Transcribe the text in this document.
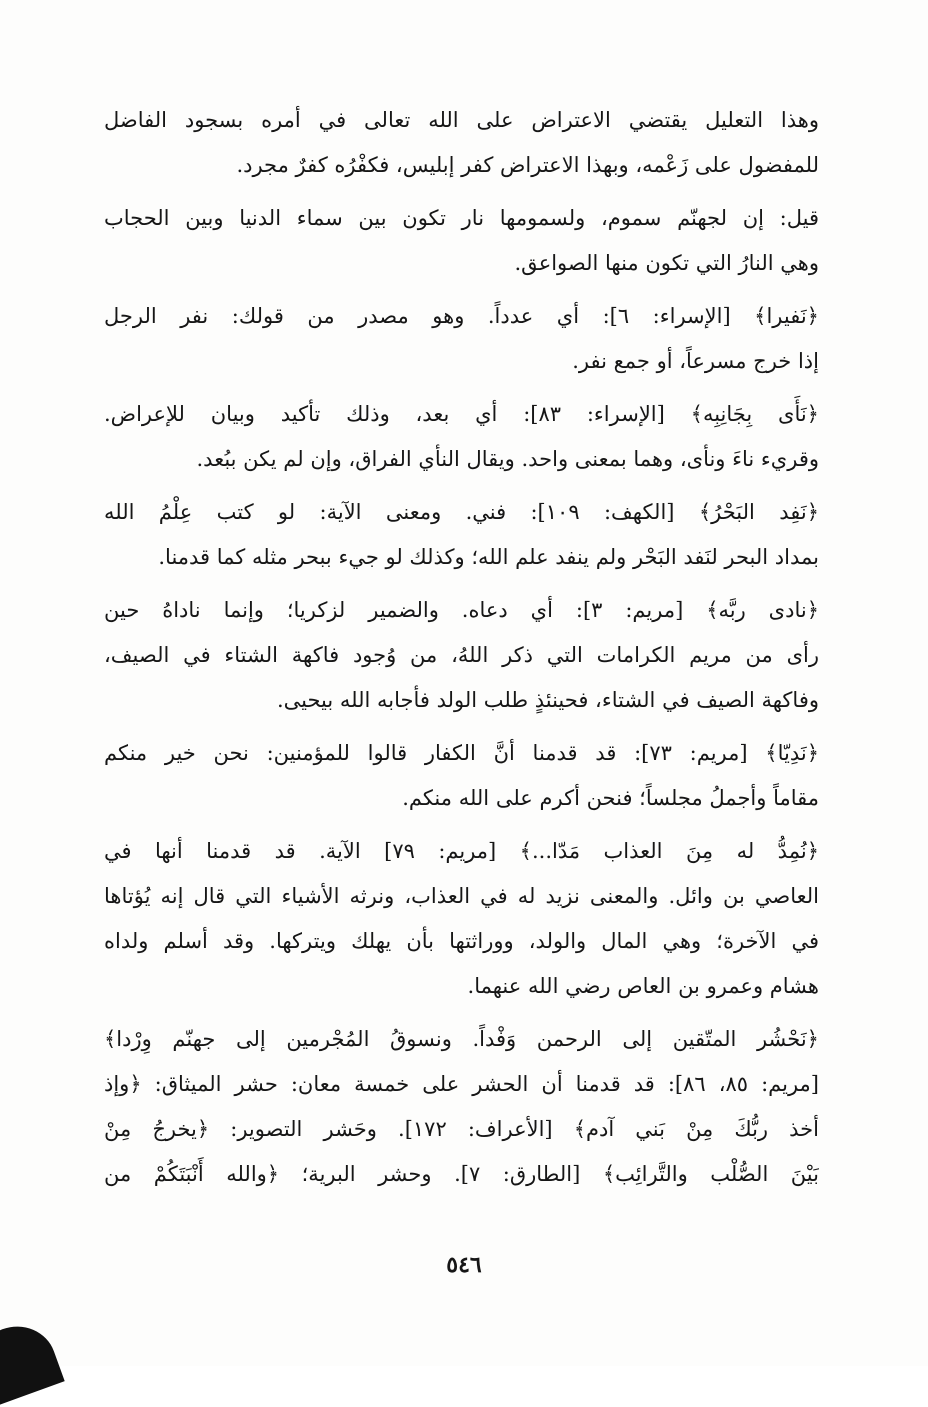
وهذا التعليل يقتضي الاعتراض على الله تعالى في أمره بسجود الفاضل
للمفضول على زَعْمه، وبهذا الاعتراض كفر إبليس، فكفْرُه كفرٌ مجرد.
قيل: إن لجهنّم سموم، ولسمومها نار تكون بين سماء الدنيا وبين الحجاب
وهي النارُ التي تكون منها الصواعق.
﴿نَفيرا﴾ [الإسراء: ٦]: أي عدداً. وهو مصدر من قولك: نفر الرجل
إذا خرج مسرعاً، أو جمع نفر.
﴿نَأَى بِجَانِبِه﴾ [الإسراء: ٨٣]: أي بعد، وذلك تأكيد وبيان للإعراض.
وقريء ناءَ ونأى، وهما بمعنى واحد. ويقال النأي الفراق، وإن لم يكن ببُعد.
﴿نَفِد البَحْرُ﴾ [الكهف: ١٠٩]: فني. ومعنى الآية: لو كتب عِلْمُ الله
بمداد البحر لنَفد البَحْر ولم ينفد علم الله؛ وكذلك لو جيء ببحر مثله كما قدمنا.
﴿نادى ربَّه﴾ [مريم: ٣]: أي دعاه. والضمير لزكريا؛ وإنما ناداهُ حين
رأى من مريم الكرامات التي ذكر اللهُ، من وُجود فاكهة الشتاء في الصيف،
وفاكهة الصيف في الشتاء، فحينئذٍ طلب الولد فأجابه الله بيحيى.
﴿نَدِيّا﴾ [مريم: ٧٣]: قد قدمنا أنَّ الكفار قالوا للمؤمنين: نحن خير منكم
مقاماً وأجملُ مجلساً؛ فنحن أكرم على الله منكم.
﴿نُمِدُّ له مِنَ العذاب مَدّا...﴾ [مريم: ٧٩] الآية. قد قدمنا أنها في
العاصي بن وائل. والمعنى نزيد له في العذاب، ونرثه الأشياء التي قال إنه يُؤتاها
في الآخرة؛ وهي المال والولد، ووراثتها بأن يهلك ويتركها. وقد أسلم ولداه
هشام وعمرو بن العاص رضي الله عنهما.
﴿نَحْشُر المتّقين إلى الرحمن وَفْداً. ونسوقُ المُجْرمين إلى جهنّم وِرْدا﴾
[مريم: ٨٥، ٨٦]: قد قدمنا أن الحشر على خمسة معان: حشر الميثاق: ﴿وإذ
أخذ ربُّكَ مِنْ بَني آدم﴾ [الأعراف: ١٧٢]. وحَشر التصوير: ﴿يخرجُ مِنْ
بَيْنَ الصُّلْب والتَّرائِب﴾ [الطارق: ٧]. وحشر البرية؛ ﴿والله أَنْبَتَكُمْ من
٥٤٦
